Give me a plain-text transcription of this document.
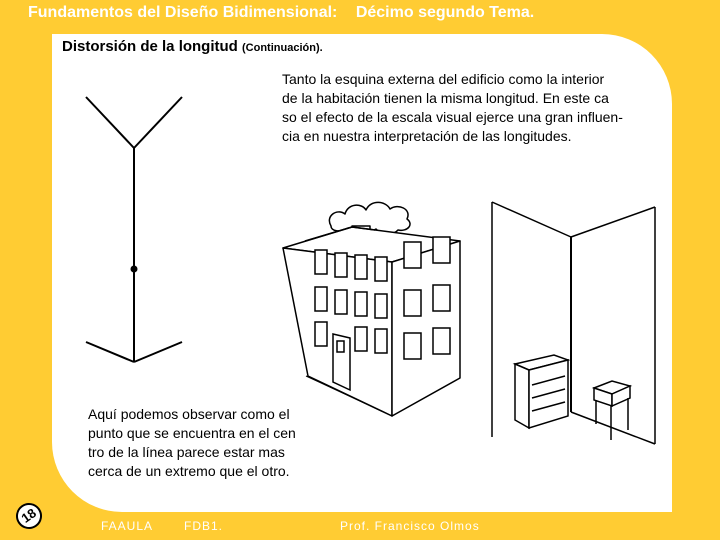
Fundamentos del Diseño Bidimensional: Décimo segundo Tema.
Distorsión de la longitud (Continuación).
Tanto la esquina externa del edificio como la interior
de la habitación tienen la misma longitud. En este ca
so el efecto de la escala visual ejerce una gran influen-
cia en nuestra interpretación de las longitudes.
Aquí podemos observar como el
punto que se encuentra en el cen
tro de la línea parece estar mas
cerca de un extremo que el otro.
18
FAAULA	FDB1.	Prof. Francisco Olmos
